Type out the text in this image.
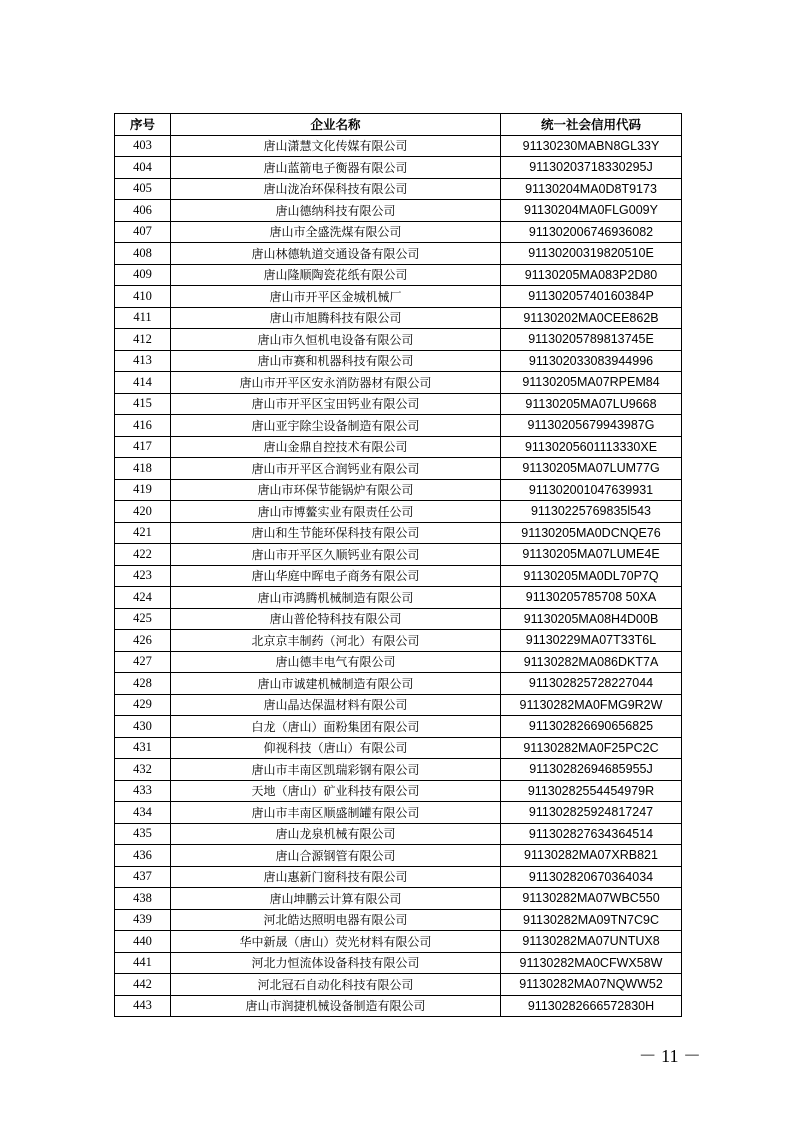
序号	企业名称	统一社会信用代码
403	唐山潇慧文化传媒有限公司	91130230MABN8GL33Y
404	唐山蓝箭电子衡器有限公司	91130203718330295J
405	唐山泷冶环保科技有限公司	91130204MA0D8T9173
406	唐山德纳科技有限公司	91130204MA0FLG009Y
407	唐山市全盛洗煤有限公司	911302006746936082
408	唐山林德轨道交通设备有限公司	91130200319820510E
409	唐山隆顺陶瓷花纸有限公司	91130205MA083P2D80
410	唐山市开平区金城机械厂	91130205740160384P
411	唐山市旭腾科技有限公司	91130202MA0CEE862B
412	唐山市久恒机电设备有限公司	91130205789813745E
413	唐山市赛和机器科技有限公司	911302033083944996
414	唐山市开平区安永消防器材有限公司	91130205MA07RPEM84
415	唐山市开平区宝田钙业有限公司	91130205MA07LU9668
416	唐山亚宇除尘设备制造有限公司	91130205679943987G
417	唐山金鼎自控技术有限公司	91130205601113330XE
418	唐山市开平区合润钙业有限公司	91130205MA07LUM77G
419	唐山市环保节能锅炉有限公司	911302001047639931
420	唐山市博鳌实业有限责任公司	91130225769835l543
421	唐山和生节能环保科技有限公司	91130205MA0DCNQE76
422	唐山市开平区久顺钙业有限公司	91130205MA07LUME4E
423	唐山华庭中晖电子商务有限公司	91130205MA0DL70P7Q
424	唐山市鸿腾机械制造有限公司	91130205785708 50XA
425	唐山普伦特科技有限公司	91130205MA08H4D00B
426	北京京丰制药（河北）有限公司	91130229MA07T33T6L
427	唐山德丰电气有限公司	91130282MA086DKT7A
428	唐山市诚建机械制造有限公司	911302825728227044
429	唐山晶达保温材料有限公司	91130282MA0FMG9R2W
430	白龙（唐山）面粉集团有限公司	911302826690656825
431	仰视科技（唐山）有限公司	91130282MA0F25PC2C
432	唐山市丰南区凯瑞彩钢有限公司	91130282694685955J
433	天地（唐山）矿业科技有限公司	91130282554454979R
434	唐山市丰南区顺盛制罐有限公司	911302825924817247
435	唐山龙泉机械有限公司	911302827634364514
436	唐山合源钢管有限公司	91130282MA07XRB821
437	唐山惠新门窗科技有限公司	911302820670364034
438	唐山坤鹏云计算有限公司	91130282MA07WBC550
439	河北皓达照明电器有限公司	91130282MA09TN7C9C
440	华中新晟（唐山）荧光材料有限公司	91130282MA07UNTUX8
441	河北力恒流体设备科技有限公司	91130282MA0CFWX58W
442	河北冠石自动化科技有限公司	91130282MA07NQWW52
443	唐山市润捷机械设备制造有限公司	91130282666572830H
－ 11 －
